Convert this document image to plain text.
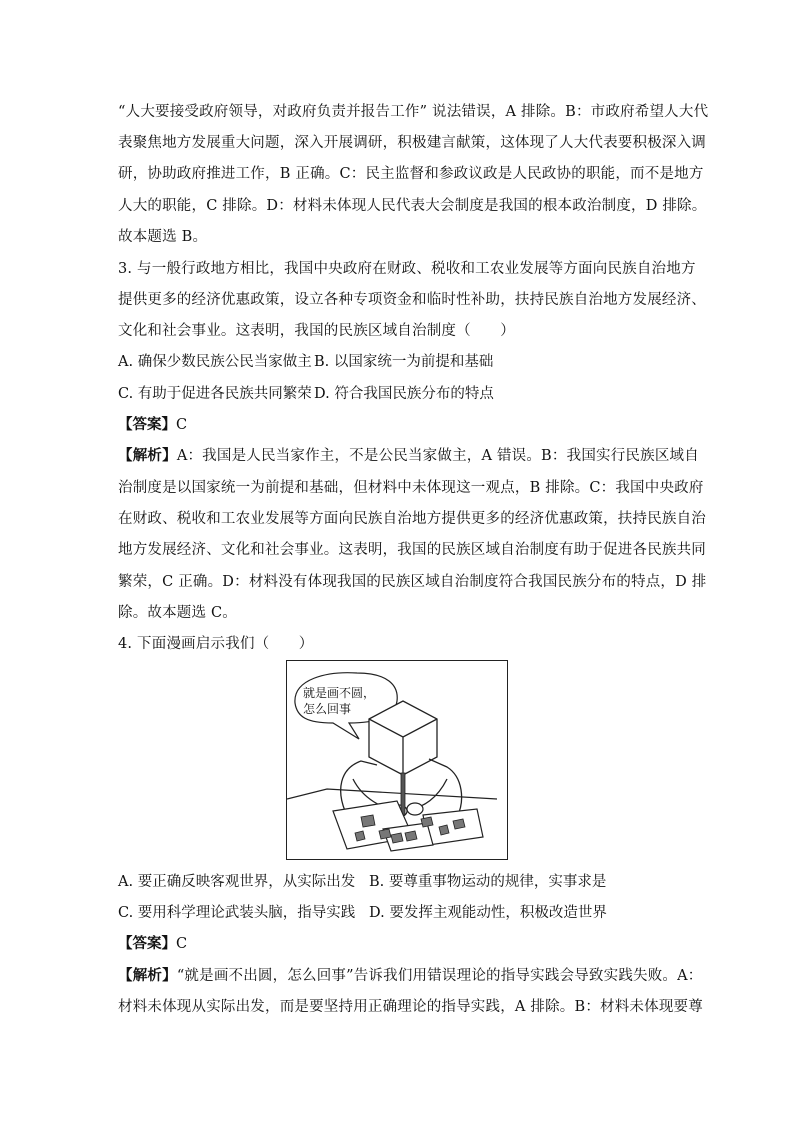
“人大要接受政府领导，对政府负责并报告工作” 说法错误，A 排除。B：市政府希望人大代
表聚焦地方发展重大问题，深入开展调研，积极建言献策，这体现了人大代表要积极深入调
研，协助政府推进工作，B 正确。C：民主监督和参政议政是人民政协的职能，而不是地方
人大的职能，C 排除。D：材料未体现人民代表大会制度是我国的根本政治制度，D 排除。
故本题选 B。
3. 与一般行政地方相比，我国中央政府在财政、税收和工农业发展等方面向民族自治地方
提供更多的经济优惠政策，设立各种专项资金和临时性补助，扶持民族自治地方发展经济、
文化和社会事业。这表明，我国的民族区域自治制度（　　）
A. 确保少数民族公民当家做主 B. 以国家统一为前提和基础
C. 有助于促进各民族共同繁荣 D. 符合我国民族分布的特点
【答案】C
【解析】A：我国是人民当家作主，不是公民当家做主，A 错误。B：我国实行民族区域自
治制度是以国家统一为前提和基础，但材料中未体现这一观点，B 排除。C：我国中央政府
在财政、税收和工农业发展等方面向民族自治地方提供更多的经济优惠政策，扶持民族自治
地方发展经济、文化和社会事业。这表明，我国的民族区域自治制度有助于促进各民族共同
繁荣，C 正确。D：材料没有体现我国的民族区域自治制度符合我国民族分布的特点，D 排
除。故本题选 C。
4. 下面漫画启示我们（　　）
就是画不圆，
怎么回事
A. 要正确反映客观世界，从实际出发 B. 要尊重事物运动的规律，实事求是
C. 要用科学理论武装头脑，指导实践 D. 要发挥主观能动性，积极改造世界
【答案】C
【解析】“就是画不出圆，怎么回事”告诉我们用错误理论的指导实践会导致实践失败。A：
材料未体现从实际出发，而是要坚持用正确理论的指导实践，A 排除。B：材料未体现要尊
